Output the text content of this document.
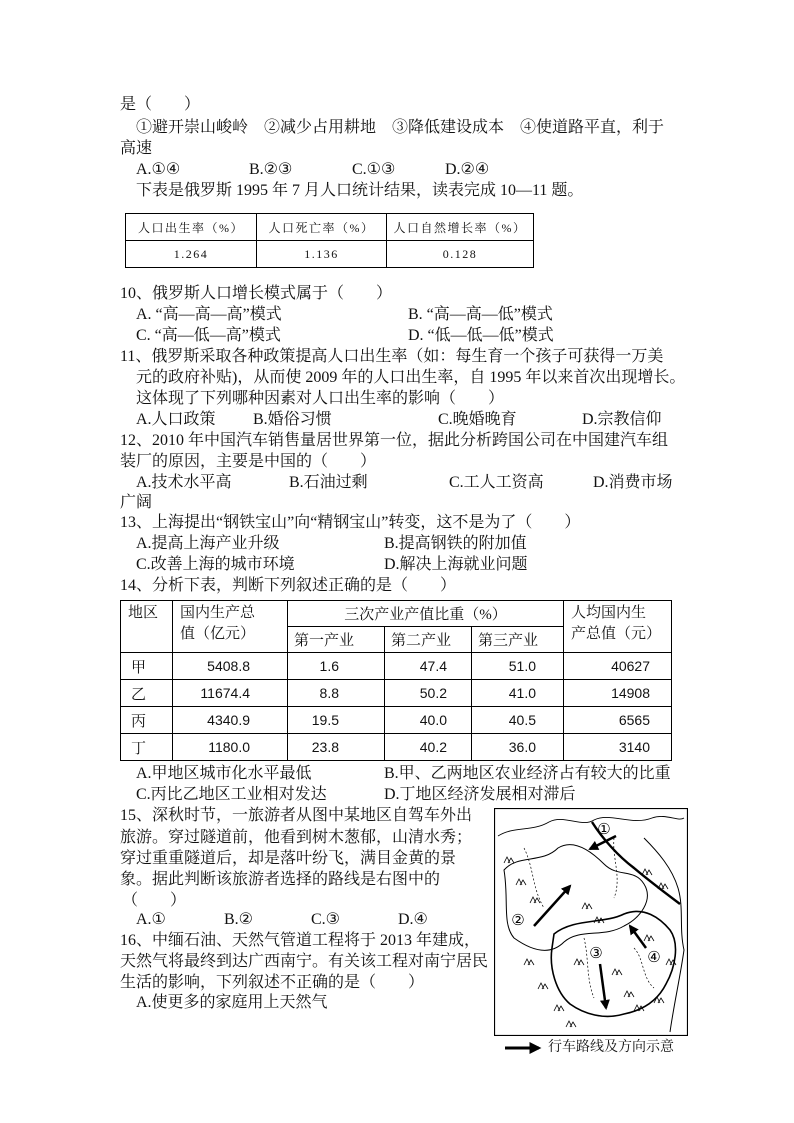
是（　　）
①避开崇山峻岭　②减少占用耕地　③降低建设成本　④使道路平直，利于
高速
A.①④	B.②③	C.①③	D.②④
下表是俄罗斯 1995 年 7 月人口统计结果，读表完成 10—11 题。
人口出生率（%）	人口死亡率（%）	人口自然增长率（%）
1.264	1.136	0.128
10、俄罗斯人口增长模式属于（　　）
A. “高—高—高”模式	B. “高—高—低”模式
C. “高—低—高”模式	D. “低—低—低”模式
11、俄罗斯采取各种政策提高人口出生率（如：每生育一个孩子可获得一万美
元的政府补贴)，从而使 2009 年的人口出生率，自 1995 年以来首次出现增长。
这体现了下列哪种因素对人口出生率的影响（　　）
A.人口政策 B.婚俗习惯	C.晚婚晚育	D.宗教信仰
12、2010 年中国汽车销售量居世界第一位，据此分析跨国公司在中国建汽车组
装厂的原因，主要是中国的（　　）
A.技术水平高	B.石油过剩	C.工人工资高	D.消费市场
广阔
13、上海提出“钢铁宝山”向“精钢宝山”转变，这不是为了（　　）
A.提高上海产业升级	B.提高钢铁的附加值
C.改善上海的城市环境	D.解决上海就业问题
14、分析下表，判断下列叙述正确的是（　　）
地区	国内生产总
值（亿元）	三次产业产值比重（%）			人均国内生
产总值（元）
		第一产业	第二产业	第三产业	
甲	5408.8	1.6	47.4	51.0	40627
乙	11674.4	8.8	50.2	41.0	14908
丙	4340.9	19.5	40.0	40.5	6565
丁	1180.0	23.8	40.2	36.0	3140
A.甲地区城市化水平最低	B.甲、乙两地区农业经济占有较大的比重
C.丙比乙地区工业相对发达	D.丁地区经济发展相对滞后
15、深秋时节，一旅游者从图中某地区自驾车外出
旅游。穿过隧道前，他看到树木葱郁，山清水秀；
穿过重重隧道后，却是落叶纷飞，满目金黄的景
象。据此判断该旅游者选择的路线是右图中的
（　　）
A.①	B.②	C.③	D.④
16、中缅石油、天然气管道工程将于 2013 年建成，
天然气将最终到达广西南宁。有关该工程对南宁居民
生活的影响，下列叙述不正确的是（　　）
A.使更多的家庭用上天然气
①
②
③	④
行车路线及方向示意
